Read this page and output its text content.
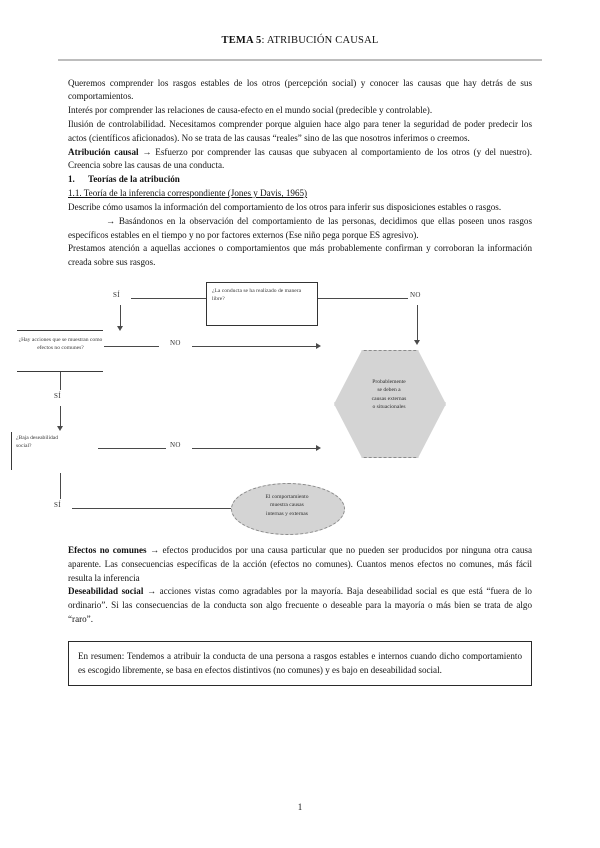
TEMA 5: ATRIBUCIÓN CAUSAL

Queremos comprender los rasgos estables de los otros (percepción social) y conocer las causas que hay detrás de sus comportamientos.

Interés por comprender las relaciones de causa-efecto en el mundo social (predecible y controlable).

Ilusión de controlabilidad. Necesitamos comprender porque alguien hace algo para tener la seguridad de poder predecir los actos (científicos aficionados). No se trata de las causas “reales” sino de las que nosotros inferimos o creemos.

Atribución causal → Esfuerzo por comprender las causas que subyacen al comportamiento de los otros (y del nuestro). Creencia sobre las causas de una conducta.

1. Teorías de la atribución

1.1. Teoría de la inferencia correspondiente (Jones y Davis, 1965)

Describe cómo usamos la información del comportamiento de los otros para inferir sus disposiciones estables o rasgos.

→ Basándonos en la observación del comportamiento de las personas, decidimos que ellas poseen unos rasgos específicos estables en el tiempo y no por factores externos (Ese niño pega porque ES agresivo).

Prestamos atención a aquellas acciones o comportamientos que más probablemente confirman y corroboran la información creada sobre sus rasgos.

¿La conducta se ha realizado de manera libre?
SÍ	NO
¿Hay acciones que se muestran como efectos no comunes?
NO
SÍ
¿Baja deseabilidad social?	NO
SÍ
Probablemente
se deben a
causas externas
o situacionales
El comportamiento
muestra causas
internas y externas

Efectos no comunes → efectos producidos por una causa particular que no pueden ser producidos por ninguna otra causa aparente. Las consecuencias específicas de la acción (efectos no comunes). Cuantos menos efectos no comunes, más fácil resulta la inferencia

Deseabilidad social → acciones vistas como agradables por la mayoría. Baja deseabilidad social es que está “fuera de lo ordinario”. Si las consecuencias de la conducta son algo frecuente o deseable para la mayoría o más bien se trata de algo “raro”.

En resumen: Tendemos a atribuir la conducta de una persona a rasgos estables e internos cuando dicho comportamiento es escogido libremente, se basa en efectos distintivos (no comunes) y es bajo en deseabilidad social.
1
